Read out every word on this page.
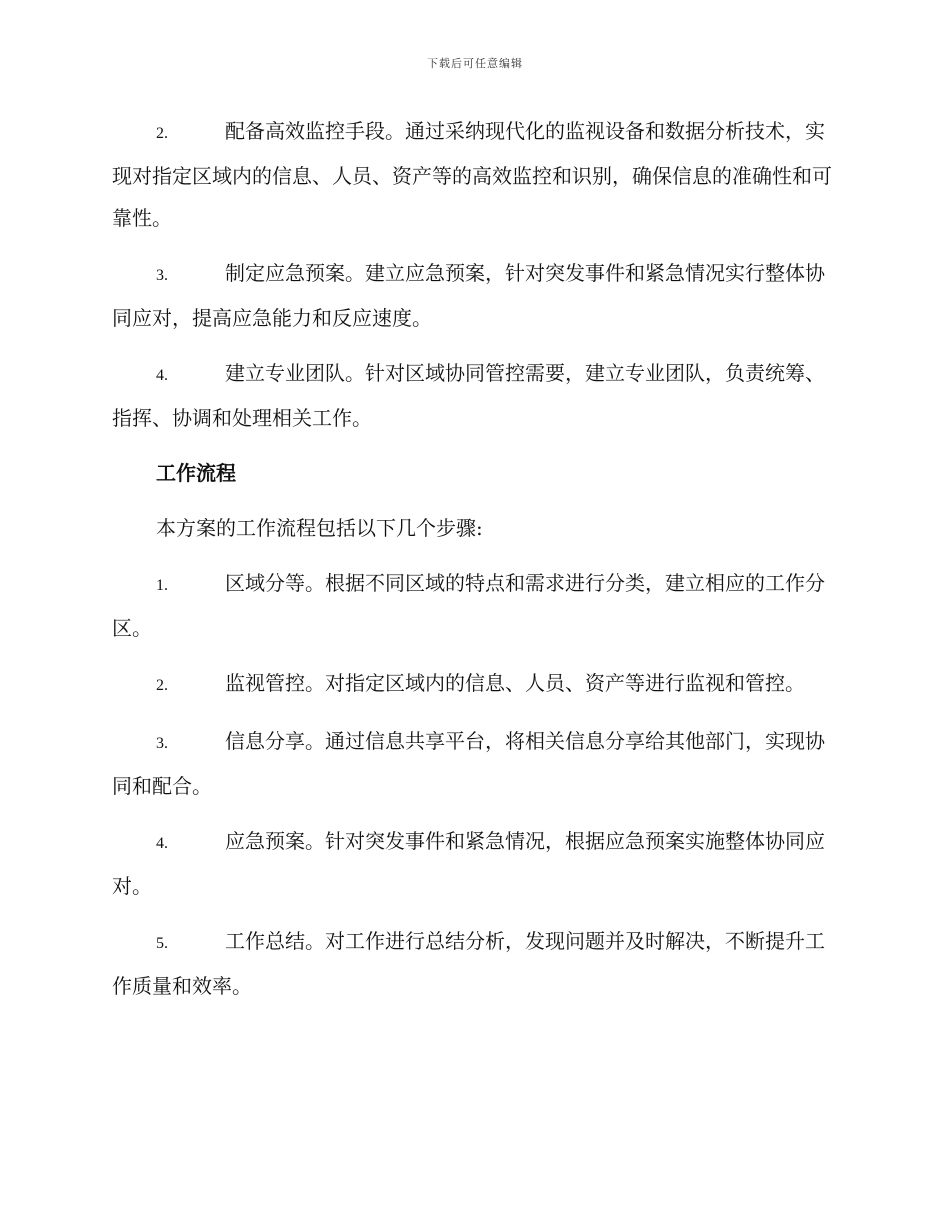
下载后可任意编辑
2.	配备高效监控手段。通过采纳现代化的监视设备和数据分析技术，实现对指定区域内的信息、人员、资产等的高效监控和识别，确保信息的准确性和可靠性。
3.	制定应急预案。建立应急预案，针对突发事件和紧急情况实行整体协同应对，提高应急能力和反应速度。
4.	建立专业团队。针对区域协同管控需要，建立专业团队，负责统筹、指挥、协调和处理相关工作。
工作流程
本方案的工作流程包括以下几个步骤:
1.	区域分等。根据不同区域的特点和需求进行分类，建立相应的工作分区。
2.	监视管控。对指定区域内的信息、人员、资产等进行监视和管控。
3.	信息分享。通过信息共享平台，将相关信息分享给其他部门，实现协同和配合。
4.	应急预案。针对突发事件和紧急情况，根据应急预案实施整体协同应对。
5.	工作总结。对工作进行总结分析，发现问题并及时解决，不断提升工作质量和效率。
